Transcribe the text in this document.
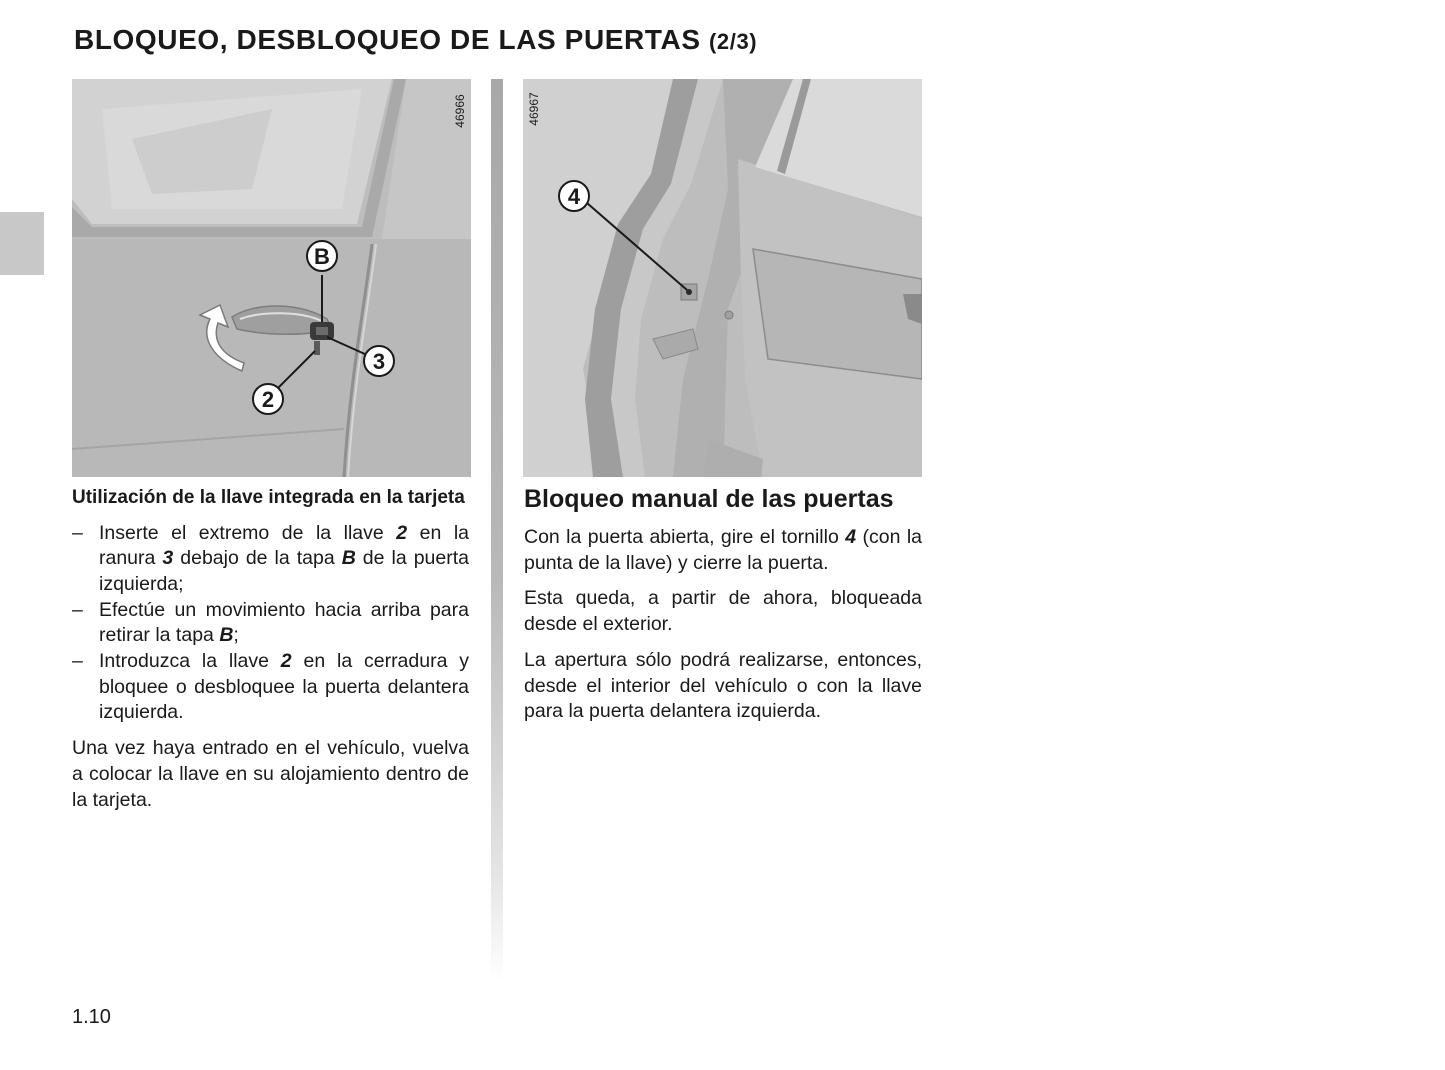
BLOQUEO, DESBLOQUEO DE LAS PUERTAS (2/3)
B
3
2
46966
4
46967

Utilización de la llave integrada en la tarjeta

– Inserte el extremo de la llave 2 en la ranura 3 debajo de la tapa B de la puerta izquierda;
– Efectúe un movimiento hacia arriba para retirar la tapa B;
– Introduzca la llave 2 en la cerradura y bloquee o desbloquee la puerta delantera izquierda.

Una vez haya entrado en el vehículo, vuelva a colocar la llave en su alojamiento dentro de la tarjeta.

Bloqueo manual de las puertas

Con la puerta abierta, gire el tornillo 4 (con la punta de la llave) y cierre la puerta.

Esta queda, a partir de ahora, bloqueada desde el exterior.

La apertura sólo podrá realizarse, entonces, desde el interior del vehículo o con la llave para la puerta delantera izquierda.

1.10
